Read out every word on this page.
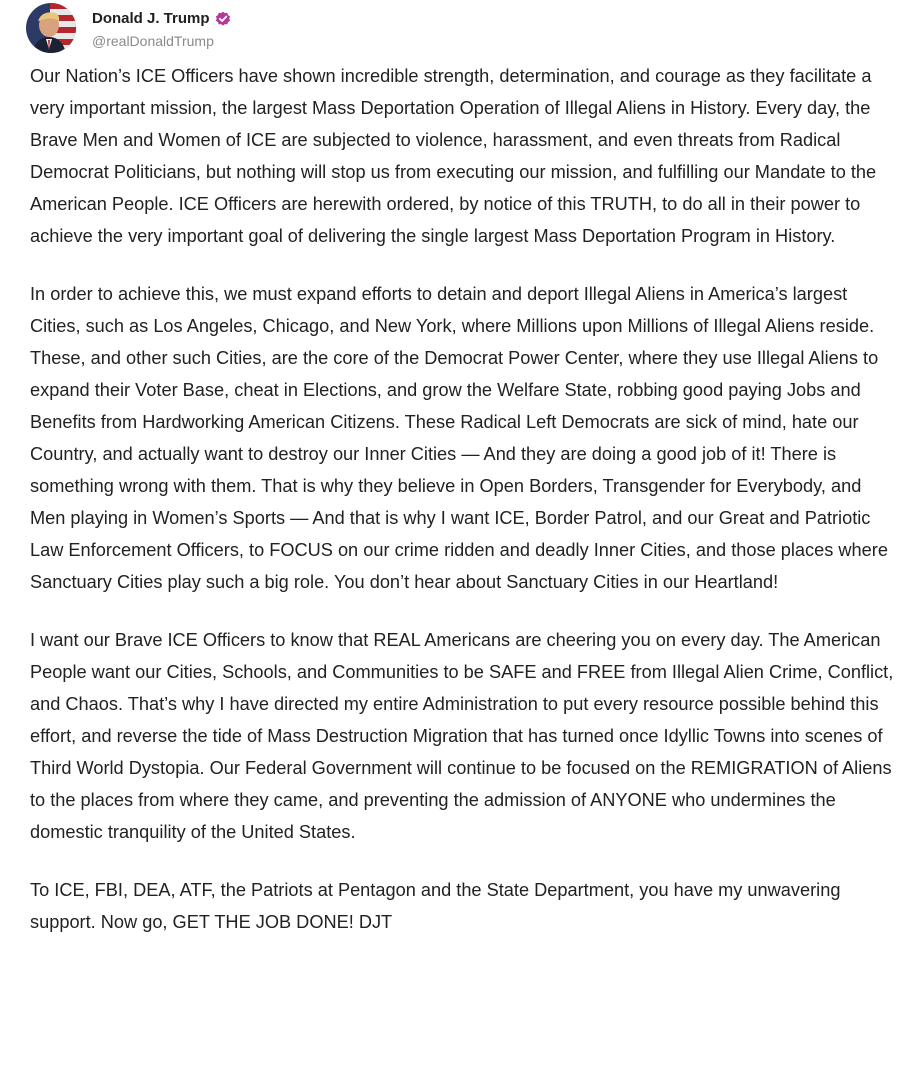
Donald J. Trump
@realDonaldTrump

Our Nation’s ICE Officers have shown incredible strength, determination, and courage as they facilitate a very important mission, the largest Mass Deportation Operation of Illegal Aliens in History. Every day, the Brave Men and Women of ICE are subjected to violence, harassment, and even threats from Radical Democrat Politicians, but nothing will stop us from executing our mission, and fulfilling our Mandate to the American People. ICE Officers are herewith ordered, by notice of this TRUTH, to do all in their power to achieve the very important goal of delivering the single largest Mass Deportation Program in History.

In order to achieve this, we must expand efforts to detain and deport Illegal Aliens in America’s largest Cities, such as Los Angeles, Chicago, and New York, where Millions upon Millions of Illegal Aliens reside. These, and other such Cities, are the core of the Democrat Power Center, where they use Illegal Aliens to expand their Voter Base, cheat in Elections, and grow the Welfare State, robbing good paying Jobs and Benefits from Hardworking American Citizens. These Radical Left Democrats are sick of mind, hate our Country, and actually want to destroy our Inner Cities — And they are doing a good job of it! There is something wrong with them. That is why they believe in Open Borders, Transgender for Everybody, and Men playing in Women’s Sports — And that is why I want ICE, Border Patrol, and our Great and Patriotic Law Enforcement Officers, to FOCUS on our crime ridden and deadly Inner Cities, and those places where Sanctuary Cities play such a big role. You don’t hear about Sanctuary Cities in our Heartland!

I want our Brave ICE Officers to know that REAL Americans are cheering you on every day. The American People want our Cities, Schools, and Communities to be SAFE and FREE from Illegal Alien Crime, Conflict, and Chaos. That’s why I have directed my entire Administration to put every resource possible behind this effort, and reverse the tide of Mass Destruction Migration that has turned once Idyllic Towns into scenes of Third World Dystopia. Our Federal Government will continue to be focused on the REMIGRATION of Aliens to the places from where they came, and preventing the admission of ANYONE who undermines the domestic tranquility of the United States.

To ICE, FBI, DEA, ATF, the Patriots at Pentagon and the State Department, you have my unwavering support. Now go, GET THE JOB DONE! DJT
